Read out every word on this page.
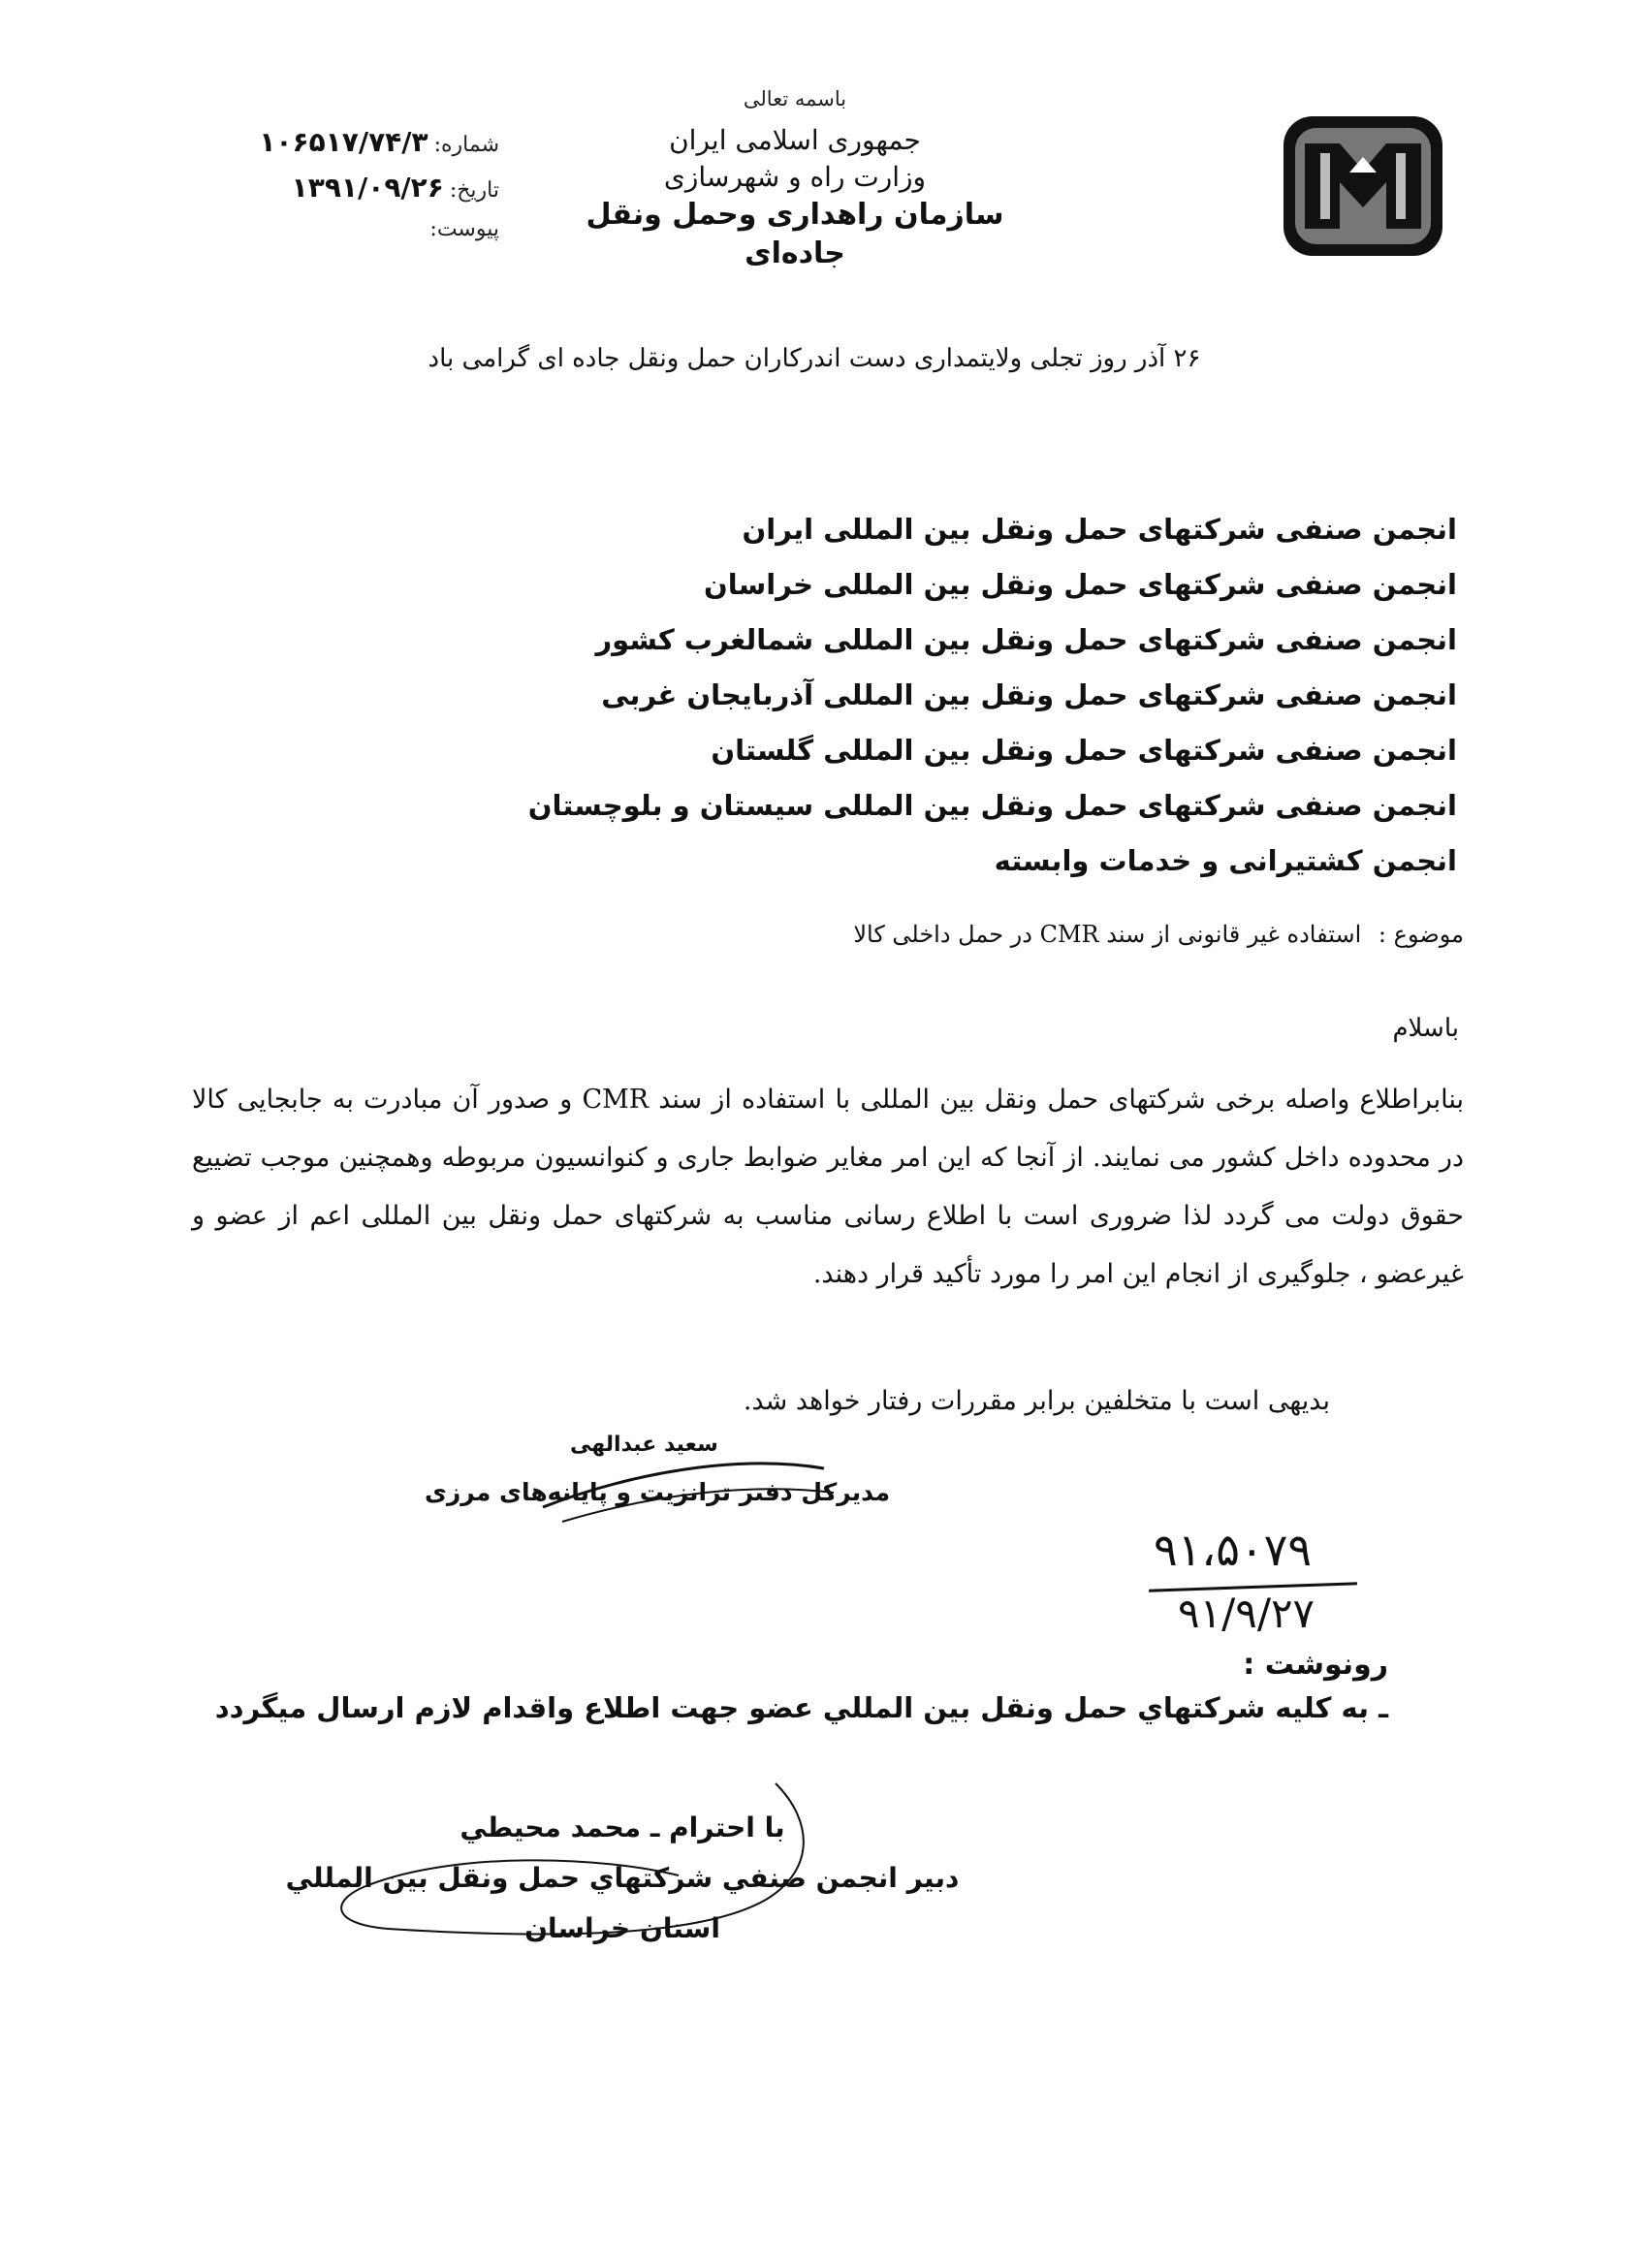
باسمه تعالی
جمهوری اسلامی ایران
وزارت راه و شهرسازی
سازمان راهداری وحمل ونقل جاده‌ای
شماره:
۱۰۶۵۱۷/۷۴/۳
تاریخ:
۱۳۹۱/۰۹/۲۶
پیوست:
۲۶ آذر روز تجلی ولایتمداری دست اندرکاران حمل ونقل جاده ای گرامی باد
انجمن صنفی شرکتهای حمل ونقل بین المللی ایران
انجمن صنفی شرکتهای حمل ونقل بین المللی خراسان
انجمن صنفی شرکتهای حمل ونقل بین المللی شمالغرب کشور
انجمن صنفی شرکتهای حمل ونقل بین المللی آذربایجان غربی
انجمن صنفی شرکتهای حمل ونقل بین المللی گلستان
انجمن صنفی شرکتهای حمل ونقل بین المللی سیستان و بلوچستان
انجمن کشتیرانی و خدمات وابسته
موضوع : استفاده غیر قانونی از سند CMR در حمل داخلی کالا
باسلام
بنابراطلاع واصله برخی شرکتهای حمل ونقل بین المللی با استفاده از سند CMR و صدور آن مبادرت به جابجایی کالا در محدوده داخل کشور می نمایند. از آنجا که این امر مغایر ضوابط جاری و کنوانسیون مربوطه وهمچنین موجب تضییع حقوق دولت می گردد لذا ضروری است با اطلاع رسانی مناسب به شرکتهای حمل ونقل بین المللی اعم از عضو و غیرعضو ، جلوگیری از انجام این امر را مورد تأکید قرار دهند.
بدیهی است با متخلفین برابر مقررات رفتار خواهد شد.
سعید عبدالهی
مدیرکل دفتر ترانزیت و پایانه‌های مرزی
۹۱،۵۰۷۹
۹۱/۹/۲۷
رونوشت :
ـ به کلیه شرکتهاي حمل ونقل بين المللي عضو جهت اطلاع واقدام لازم ارسال ميگردد
با احترام ـ محمد محیطي
دبير انجمن صنفي شركتهاي حمل ونقل بين المللي
استان خراسان
